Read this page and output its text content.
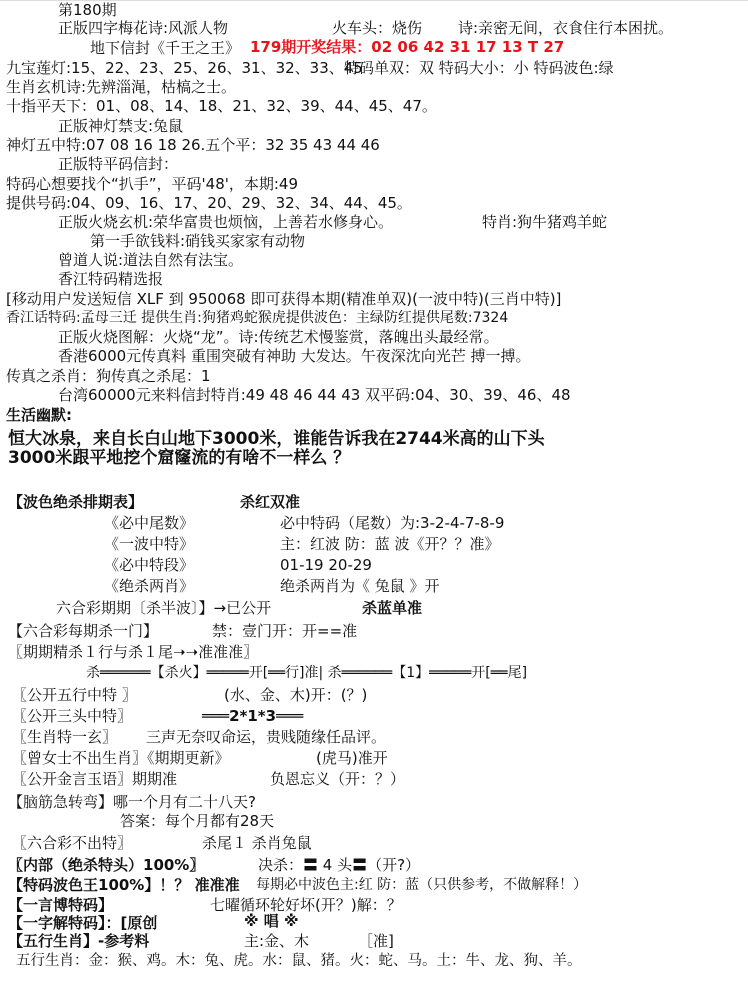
第180期
正版四字梅花诗:风派人物	火车头：烧伤 诗:亲密无间，衣食住行本困扰。
地下信封《千王之王》 179期开奖结果：02 06 42 31 17 13 T 27
九宝莲灯:15、22、23、25、26、31、32、33、45
特码单双：双 特码大小：小 特码波色:绿
生肖玄机诗:先辨淄渑，枯槁之士。
十指平天下：01、08、14、18、21、32、39、44、45、47。
正版神灯禁支:兔鼠
神灯五中特:07 08 16 18 26.五个平：32 35 43 44 46
正版特平码信封：
特码心想要找个“扒手”，平码'48'，本期:49
提供号码:04、09、16、17、20、29、32、34、44、45。
正版火烧玄机:荣华富贵也烦恼，上善若水修身心。	特肖:狗牛猪鸡羊蛇
第一手欲钱料:硝钱买家家有动物
曾道人说:道法自然有法宝。
香江特码精选报
[移动用户发送短信 XLF 到 950068 即可获得本期(精准单双)(一波中特)(三肖中特)]
香江话特码:孟母三迁 提供生肖:狗猪鸡蛇猴虎提供波色：主绿防红提供尾数:7324
正版火烧图解：火烧“龙”。诗:传统艺术慢鉴赏，落魄出头最经常。
香港6000元传真料 重围突破有神助 大发达。午夜深沈向光芒 搏一搏。
传真之杀肖：狗传真之杀尾：1
台湾60000元来料信封特肖:49 48 46 44 43 双平码:04、30、39、46、48
生活幽默:
恒大冰泉，来自长白山地下3000米，谁能告诉我在2744米高的山下头
3000米跟平地挖个窟窿流的有啥不一样么 ？
【波色绝杀排期表】	杀红双准
《必中尾数》	必中特码（尾数）为:3-2-4-7-8-9
《一波中特》	主：红波 防：蓝 波《开？？准》
《必中特段》	01-19 20-29
《绝杀两肖》	绝杀两肖为《 兔鼠 》开
六合彩期期〔杀半波〕】→已公开	杀蓝单准
【六合彩每期杀一门】	禁：壹门开：开==准
〖期期精杀１行与杀１尾➝➝准准准〗
杀══════【杀火】═════开[══行]准| 杀══════【1】═════开[══尾]
〖公开五行中特 〗	(水、金、木)开：(？)
〖公开三头中特〗	═══2*1*3═══
〖生肖特一玄〗 三声无奈叹命运，贵贱随缘任品评。
〖曾女士不出生肖〗《期期更新》	(虎马)准开
〖公开金言玉语〗期期准	负恩忘义（开：？）
【脑筋急转弯】哪一个月有二十八天?
答案：每个月都有28天
〖六合彩不出特〗	杀尾１ 杀肖兔鼠
〖内部（绝杀特头）100%〗	决杀：〓 4 头〓（开?）
【特码波色王100%】！？ 准准准 每期必中波色主:红 防：蓝（只供参考，不做解释！）
【一言博特码】	七曜循环轮好坏(开？)解：？
【一字解特码】：[原创	※ 唱 ※
【五行生肖】-参考料	主:金、木	［准]
五行生肖：金：猴、鸡。木：兔、虎。水：鼠、猪。火：蛇、马。土：牛、龙、狗、羊。
